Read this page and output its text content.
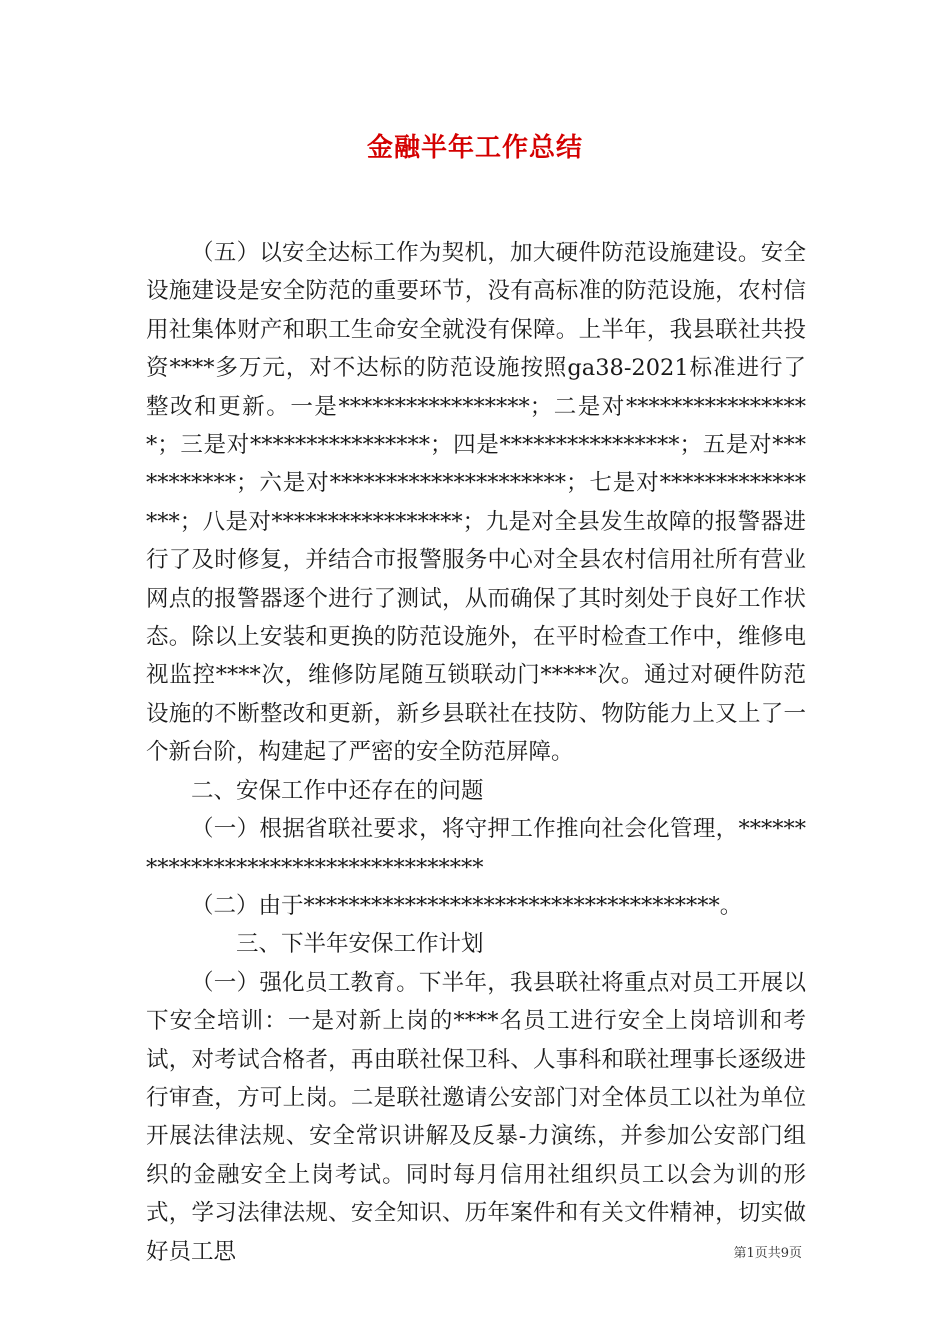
金融半年工作总结

（五）以安全达标工作为契机，加大硬件防范设施建设。安全设施建设是安全防范的重要环节，没有高标准的防范设施，农村信用社集体财产和职工生命安全就没有保障。上半年，我县联社共投资****多万元，对不达标的防范设施按照ga38-2021标准进行了整改和更新。一是*****************；二是对*****************；三是对****************；四是****************；五是对***********；六是对*********************；七是对****************；八是对*****************；九是对全县发生故障的报警器进行了及时修复，并结合市报警服务中心对全县农村信用社所有营业网点的报警器逐个进行了测试，从而确保了其时刻处于良好工作状态。除以上安装和更换的防范设施外，在平时检查工作中，维修电视监控****次，维修防尾随互锁联动门*****次。通过对硬件防范设施的不断整改和更新，新乡县联社在技防、物防能力上又上了一个新台阶，构建起了严密的安全防范屏障。

二、安保工作中还存在的问题

（一）根据省联社要求，将守押工作推向社会化管理，************************************

（二）由于*************************************。

三、下半年安保工作计划

（一）强化员工教育。下半年，我县联社将重点对员工开展以下安全培训：一是对新上岗的****名员工进行安全上岗培训和考试，对考试合格者，再由联社保卫科、人事科和联社理事长逐级进行审查，方可上岗。二是联社邀请公安部门对全体员工以社为单位开展法律法规、安全常识讲解及反暴-力演练，并参加公安部门组织的金融安全上岗考试。同时每月信用社组织员工以会为训的形式，学习法律法规、安全知识、历年案件和有关文件精神，切实做好员工思	第1页共9页
